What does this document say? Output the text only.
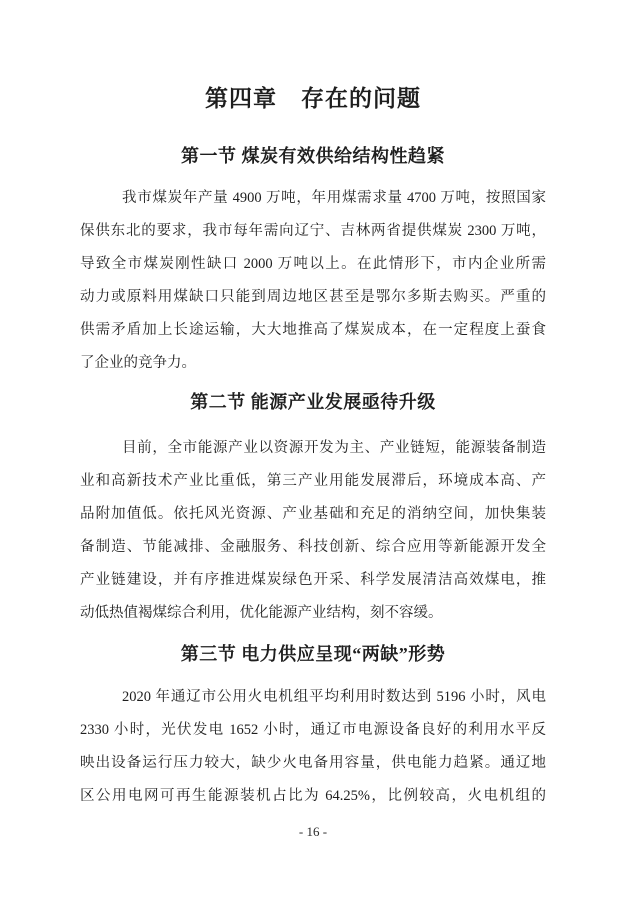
第四章　存在的问题
第一节 煤炭有效供给结构性趋紧
我市煤炭年产量 4900 万吨，年用煤需求量 4700 万吨，按照国家
保供东北的要求，我市每年需向辽宁、吉林两省提供煤炭 2300 万吨，
导致全市煤炭刚性缺口 2000 万吨以上。在此情形下，市内企业所需
动力或原料用煤缺口只能到周边地区甚至是鄂尔多斯去购买。严重的
供需矛盾加上长途运输，大大地推高了煤炭成本，在一定程度上蚕食
了企业的竞争力。
第二节 能源产业发展亟待升级
目前，全市能源产业以资源开发为主、产业链短，能源装备制造
业和高新技术产业比重低，第三产业用能发展滞后，环境成本高、产
品附加值低。依托风光资源、产业基础和充足的消纳空间，加快集装
备制造、节能减排、金融服务、科技创新、综合应用等新能源开发全
产业链建设，并有序推进煤炭绿色开采、科学发展清洁高效煤电，推
动低热值褐煤综合利用，优化能源产业结构，刻不容缓。
第三节 电力供应呈现“两缺”形势
2020 年通辽市公用火电机组平均利用时数达到 5196 小时，风电
2330 小时，光伏发电 1652 小时，通辽市电源设备良好的利用水平反
映出设备运行压力较大，缺少火电备用容量，供电能力趋紧。通辽地
区公用电网可再生能源装机占比为 64.25%，比例较高，火电机组的
- 16 -
